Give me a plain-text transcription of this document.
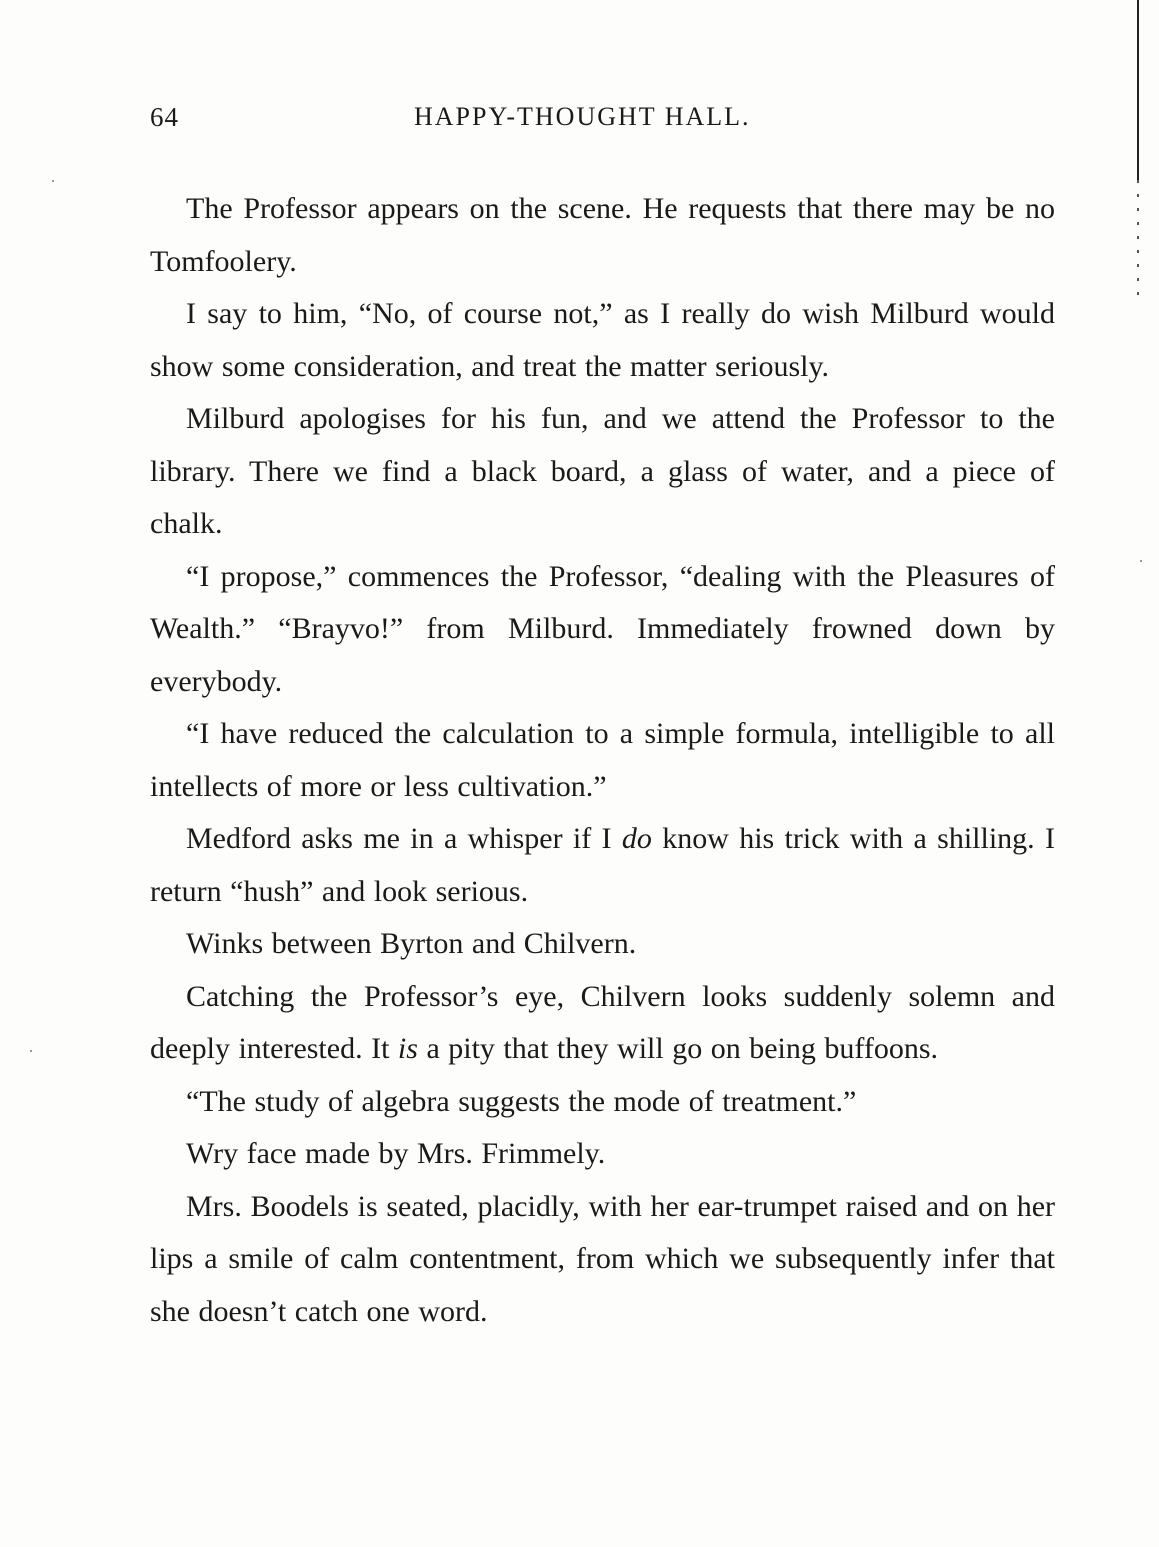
64	HAPPY-THOUGHT HALL.

The Professor appears on the scene. He requests that there may be no Tomfoolery.

I say to him, “No, of course not,” as I really do wish Milburd would show some consideration, and treat the matter seriously.

Milburd apologises for his fun, and we attend the Professor to the library. There we find a black board, a glass of water, and a piece of chalk.

“I propose,” commences the Professor, “dealing with the Pleasures of Wealth.” “Brayvo!” from Milburd. Immediately frowned down by everybody.

“I have reduced the calculation to a simple formula, intelligible to all intellects of more or less cultivation.”

Medford asks me in a whisper if I do know his trick with a shilling. I return “hush” and look serious.

Winks between Byrton and Chilvern.

Catching the Professor’s eye, Chilvern looks suddenly solemn and deeply interested. It is a pity that they will go on being buffoons.

“The study of algebra suggests the mode of treatment.”

Wry face made by Mrs. Frimmely.

Mrs. Boodels is seated, placidly, with her ear-trumpet raised and on her lips a smile of calm contentment, from which we subsequently infer that she doesn’t catch one word.
